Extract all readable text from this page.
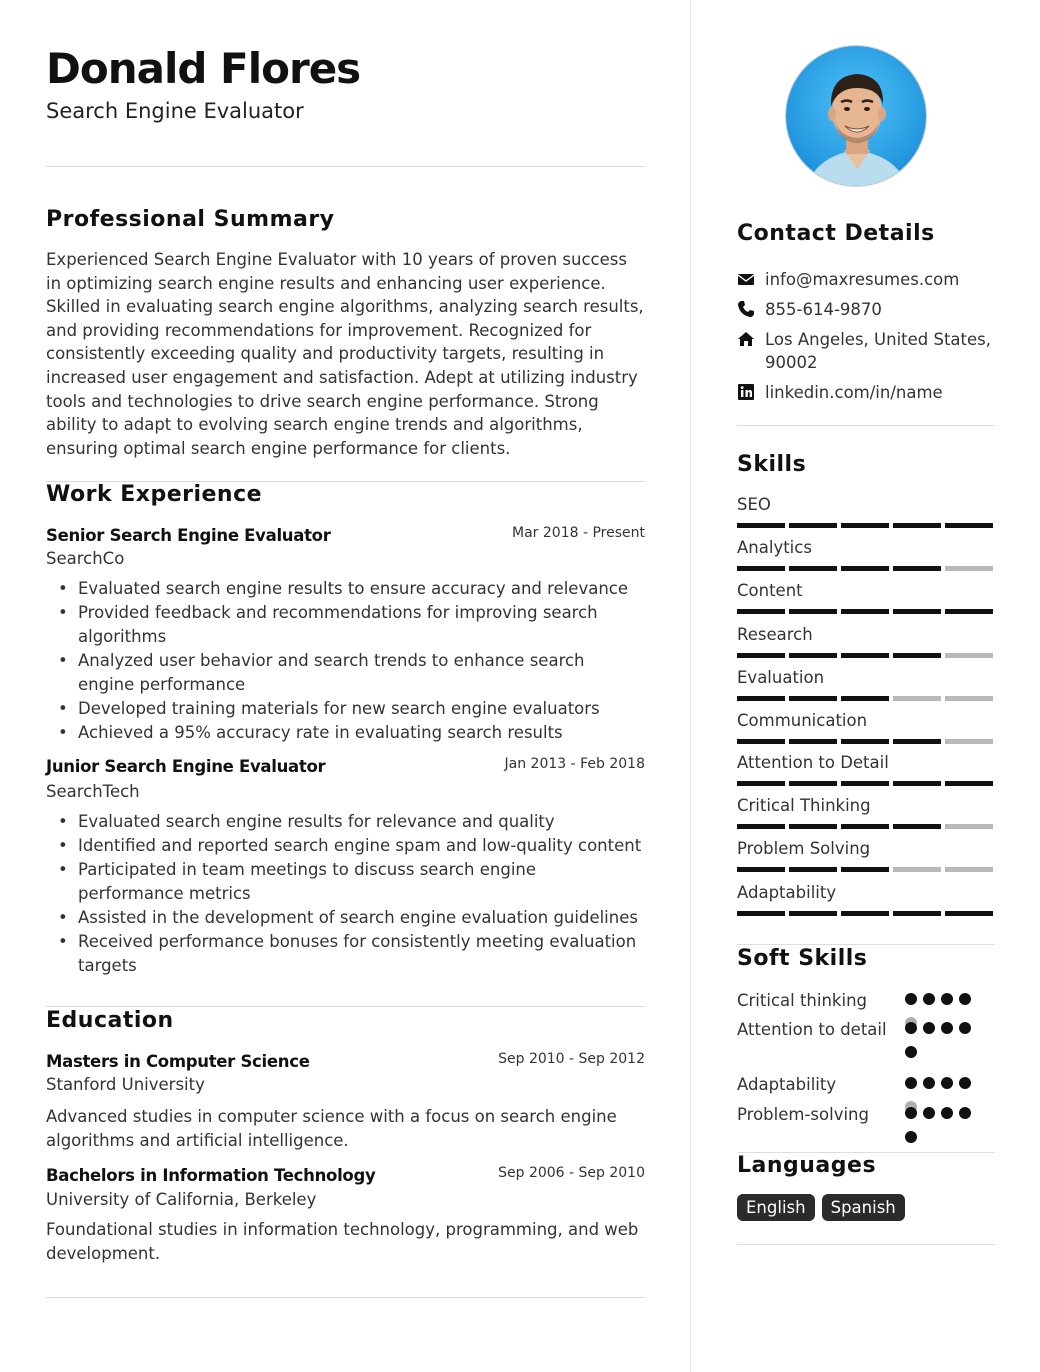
Donald Flores
Search Engine Evaluator
Professional Summary
Experienced Search Engine Evaluator with 10 years of proven success in optimizing search engine results and enhancing user experience. Skilled in evaluating search engine algorithms, analyzing search results, and providing recommendations for improvement. Recognized for consistently exceeding quality and productivity targets, resulting in increased user engagement and satisfaction. Adept at utilizing industry tools and technologies to drive search engine performance. Strong ability to adapt to evolving search engine trends and algorithms, ensuring optimal search engine performance for clients.
Work Experience
Senior Search Engine Evaluator	Mar 2018 - Present
SearchCo
• Evaluated search engine results to ensure accuracy and relevance
• Provided feedback and recommendations for improving search algorithms
• Analyzed user behavior and search trends to enhance search engine performance
• Developed training materials for new search engine evaluators
• Achieved a 95% accuracy rate in evaluating search results
Junior Search Engine Evaluator	Jan 2013 - Feb 2018
SearchTech
• Evaluated search engine results for relevance and quality
• Identified and reported search engine spam and low-quality content
• Participated in team meetings to discuss search engine performance metrics
• Assisted in the development of search engine evaluation guidelines
• Received performance bonuses for consistently meeting evaluation targets
Education
Masters in Computer Science	Sep 2010 - Sep 2012
Stanford University
Advanced studies in computer science with a focus on search engine algorithms and artificial intelligence.
Bachelors in Information Technology	Sep 2006 - Sep 2010
University of California, Berkeley
Foundational studies in information technology, programming, and web development.
Contact Details
info@maxresumes.com
855-614-9870
Los Angeles, United States, 90002
linkedin.com/in/name
Skills
SEO
Analytics
Content
Research
Evaluation
Communication
Attention to Detail
Critical Thinking
Problem Solving
Adaptability
Soft Skills
Critical thinking
Attention to detail
Adaptability
Problem-solving
Languages
English	Spanish
